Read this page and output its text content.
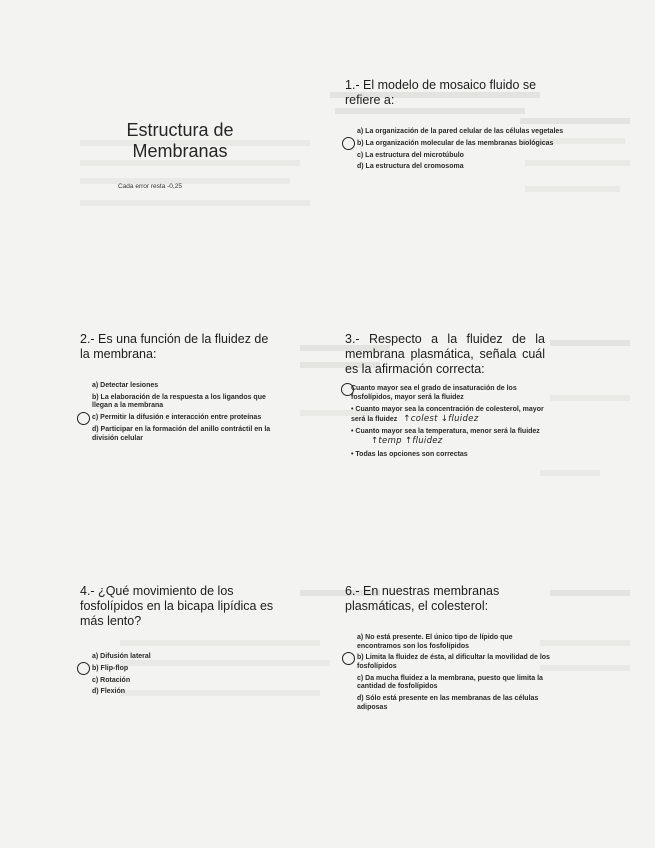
Estructura de Membranas
Cada error resta -0,25
1.- El modelo de mosaico fluido se refiere a:
a) La organización de la pared celular de las células vegetales
b) La organización molecular de las membranas biológicas
c) La estructura del microtúbulo
d) La estructura del cromosoma
2.- Es una función de la fluidez de la membrana:
a) Detectar lesiones
b) La elaboración de la respuesta a los ligandos que llegan a la membrana
c) Permitir la difusión e interacción entre proteínas
d) Participar en la formación del anillo contráctil en la división celular
3.- Respecto a la fluidez de la membrana plasmática, señala cuál es la afirmación correcta:
Cuanto mayor sea el grado de insaturación de los fosfolípidos, mayor será la fluidez
• Cuanto mayor sea la concentración de colesterol, mayor será la fluidez ↑colest ↓fluidez
• Cuanto mayor sea la temperatura, menor será la fluidez
↑temp ↑fluidez
• Todas las opciones son correctas
4.- ¿Qué movimiento de los fosfolípidos en la bicapa lipídica es más lento?
a) Difusión lateral
b) Flip-flop
c) Rotación
d) Flexión
6.- En nuestras membranas plasmáticas, el colesterol:
a) No está presente. El único tipo de lípido que encontramos son los fosfolípidos
b) Limita la fluidez de ésta, al dificultar la movilidad de los fosfolípidos
c) Da mucha fluidez a la membrana, puesto que limita la cantidad de fosfolípidos
d) Sólo está presente en las membranas de las células adiposas
